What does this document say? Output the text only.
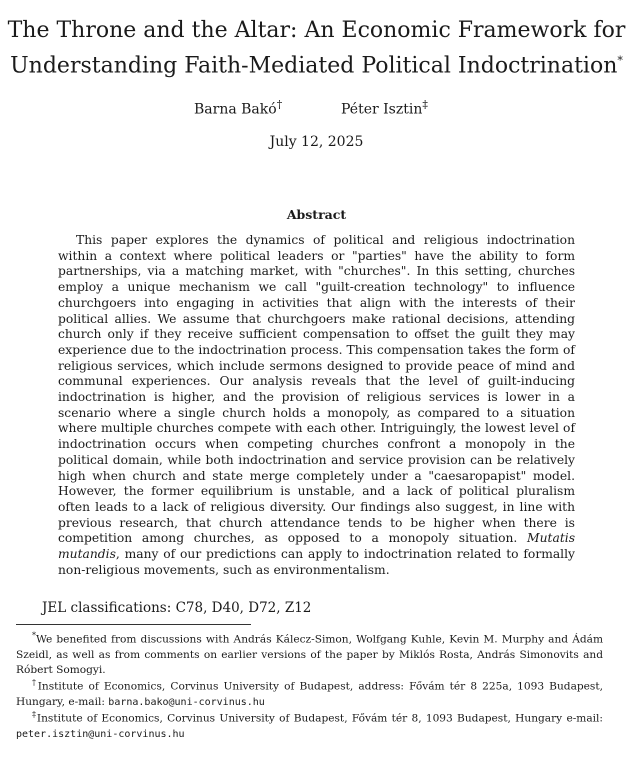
The Throne and the Altar: An Economic Framework for
Understanding Faith-Mediated Political Indoctrination*
Barna Bakó†	Péter Isztin‡
July 12, 2025
Abstract

This paper explores the dynamics of political and religious indoctrination within a context where political leaders or "parties" have the ability to form partnerships, via a matching market, with "churches". In this setting, churches employ a unique mechanism we call "guilt-creation technology" to influence churchgoers into engaging in activities that align with the interests of their political allies. We assume that churchgoers make rational decisions, attending church only if they receive sufficient compensation to offset the guilt they may experience due to the indoctrination process. This compensation takes the form of religious services, which include sermons designed to provide peace of mind and communal experiences. Our analysis reveals that the level of guilt-inducing indoctrination is higher, and the provision of religious services is lower in a scenario where a single church holds a monopoly, as compared to a situation where multiple churches compete with each other. Intriguingly, the lowest level of indoctrination occurs when competing churches confront a monopoly in the political domain, while both indoctrination and service provision can be relatively high when church and state merge completely under a "caesaropapist" model. However, the former equilibrium is unstable, and a lack of political pluralism often leads to a lack of religious diversity. Our findings also suggest, in line with previous research, that church attendance tends to be higher when there is competition among churches, as opposed to a monopoly situation. Mutatis mutandis, many of our predictions can apply to indoctrination related to formally non-religious movements, such as environmentalism.

JEL classifications: C78, D40, D72, Z12

*We benefited from discussions with András Kálecz-Simon, Wolfgang Kuhle, Kevin M. Murphy and Ádám Szeidl, as well as from comments on earlier versions of the paper by Miklós Rosta, András Simonovits and Róbert Somogyi.

†Institute of Economics, Corvinus University of Budapest, address: Fővám tér 8 225a, 1093 Budapest, Hungary, e-mail: barna.bako@uni-corvinus.hu

‡Institute of Economics, Corvinus University of Budapest, Fővám tér 8, 1093 Budapest, Hungary e-mail: peter.isztin@uni-corvinus.hu
